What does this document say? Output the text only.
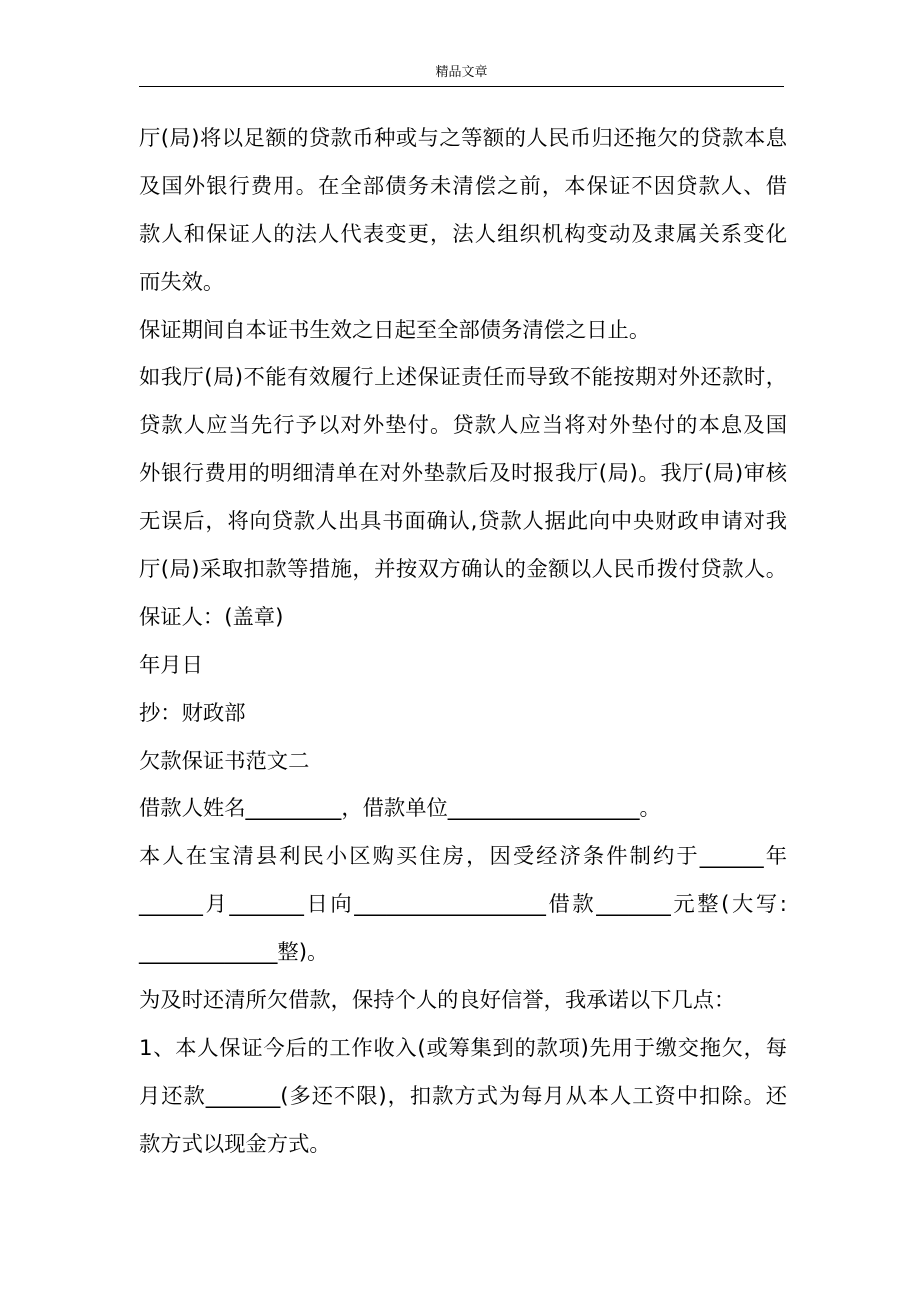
精品文章
厅(局)将以足额的贷款币种或与之等额的人民币归还拖欠的贷款本息
及国外银行费用。在全部债务未清偿之前，本保证不因贷款人、借
款人和保证人的法人代表变更，法人组织机构变动及隶属关系变化
而失效。
保证期间自本证书生效之日起至全部债务清偿之日止。
如我厅(局)不能有效履行上述保证责任而导致不能按期对外还款时，
贷款人应当先行予以对外垫付。贷款人应当将对外垫付的本息及国
外银行费用的明细清单在对外垫款后及时报我厅(局)。我厅(局)审核
无误后，将向贷款人出具书面确认,贷款人据此向中央财政申请对我
厅(局)采取扣款等措施，并按双方确认的金额以人民币拨付贷款人。
保证人：(盖章)
年月日
抄：财政部
欠款保证书范文二
借款人姓名_________，借款单位__________________。
本人在宝清县利民小区购买住房，因受经济条件制约于______年
______月_______日向__________________借款_______元整(大写:
_____________整)。
为及时还清所欠借款，保持个人的良好信誉，我承诺以下几点：
1、本人保证今后的工作收入(或筹集到的款项)先用于缴交拖欠，每
月还款_______(多还不限)，扣款方式为每月从本人工资中扣除。还
款方式以现金方式。
